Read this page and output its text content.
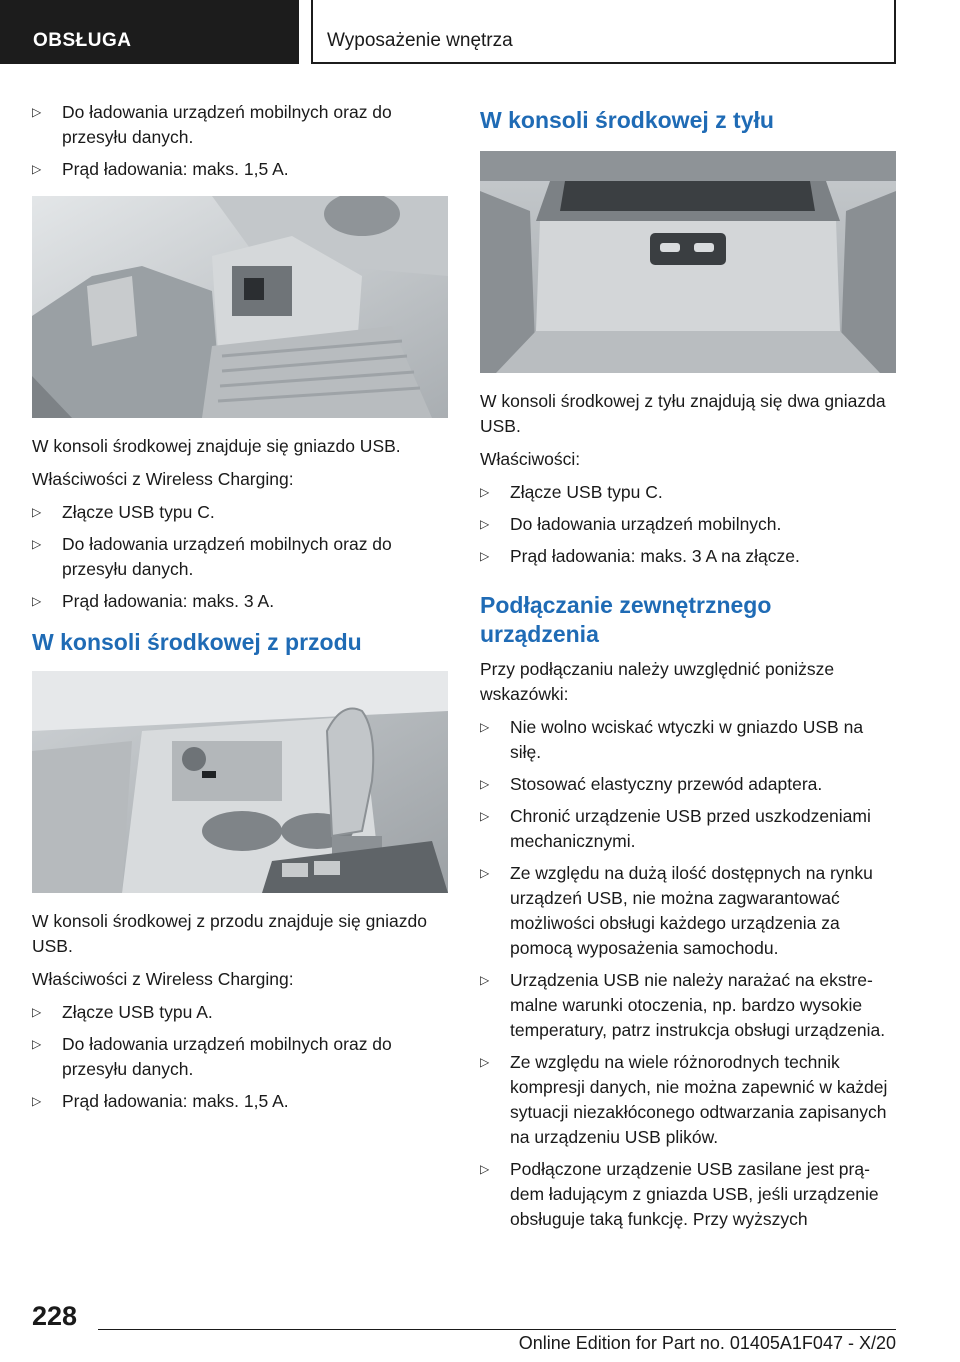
OBSŁUGA	Wyposażenie wnętrza
▷ Do ładowania urządzeń mobilnych oraz do przesyłu danych.
▷ Prąd ładowania: maks. 1,5 A.

W konsoli środkowej znajduje się gniazdo USB.

Właściwości z Wireless Charging:

▷ Złącze USB typu C.
▷ Do ładowania urządzeń mobilnych oraz do przesyłu danych.
▷ Prąd ładowania: maks. 3 A.
W konsoli środkowej z przodu

W konsoli środkowej z przodu znajduje się gniazdo USB.

Właściwości z Wireless Charging:

▷ Złącze USB typu A.
▷ Do ładowania urządzeń mobilnych oraz do przesyłu danych.
▷ Prąd ładowania: maks. 1,5 A.
W konsoli środkowej z tyłu

W konsoli środkowej z tyłu znajdują się dwa gniazda USB.

Właściwości:

▷ Złącze USB typu C.
▷ Do ładowania urządzeń mobilnych.
▷ Prąd ładowania: maks. 3 A na złącze.
Podłączanie zewnętrznego urządzenia

Przy podłączaniu należy uwzględnić poniższe wskazówki:

▷ Nie wolno wciskać wtyczki w gniazdo USB na siłę.
▷ Stosować elastyczny przewód adaptera.
▷ Chronić urządzenie USB przed uszkodzeniami mechanicznymi.
▷ Ze względu na dużą ilość dostępnych na rynku urządzeń USB, nie można zagwarantować możliwości obsługi każdego urządzenia za pomocą wyposażenia samochodu.
▷ Urządzenia USB nie należy narażać na ekstremalne warunki otoczenia, np. bardzo wysokie temperatury, patrz instrukcja obsługi urządzenia.
▷ Ze względu na wiele różnorodnych technik kompresji danych, nie można zapewnić w każdej sytuacji niezakłóconego odtwarzania zapisanych na urządzeniu USB plików.
▷ Podłączone urządzenie USB zasilane jest prądem ładującym z gniazda USB, jeśli urządzenie obsługuje taką funkcję. Przy wyższych
228
Online Edition for Part no. 01405A1F047 - X/20
